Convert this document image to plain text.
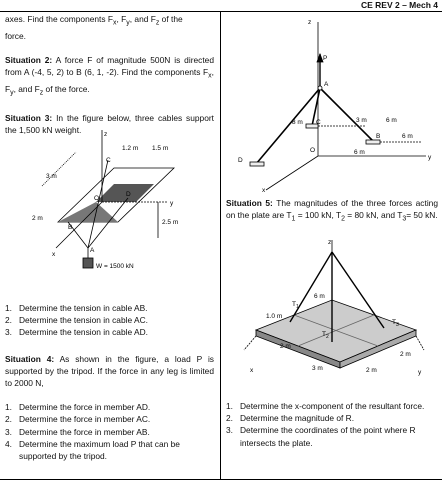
CE REV 2 – Mech 4

axes. Find the components $F_x$, $F_y$, and $F_z$ of the
force.

Situation 2: A force F of magnitude 500N is directed from A (-4, 5, 2) to B (6, 1, -2). Find the components $F_x$, $F_y$, and $F_z$ of the force.

Situation 3: In the figure below, three cables support the 1,500 kN weight.	z
y
x
C
D
O
B
A
1.2 m 1.5 m
3 m
2 m
2.5 m
W = 1500 kN
1. Determine the tension in cable AB.
2. Determine the tension in cable AC.
3. Determine the tension in cable AD.

Situation 4: As shown in the figure, a load P is supported by the tripod. If the force in any leg is limited to 2000 N,

1. Determine the force in member AD.
2. Determine the force in member AC.
3. Determine the force in member AB.
4. Determine the maximum load P that can be supported by the tripod.
z
P
A
8 m C
B
D
O
3 m	6 m
6 m
6 m
y
x

Situation 5: The magnitudes of the three forces acting on the plate are $T_1 = 100$ kN, $T_2 = 80$ kN, and $T_3= 50$ kN.

z
$T_1$
$T_2$
$T_3$
6 m
1.0 m
2 m
3 m	2 m
2 m
x	y
1. Determine the x-component of the resultant force.
2. Determine the magnitude of R.
3. Determine the coordinates of the point where R intersects the plate.
